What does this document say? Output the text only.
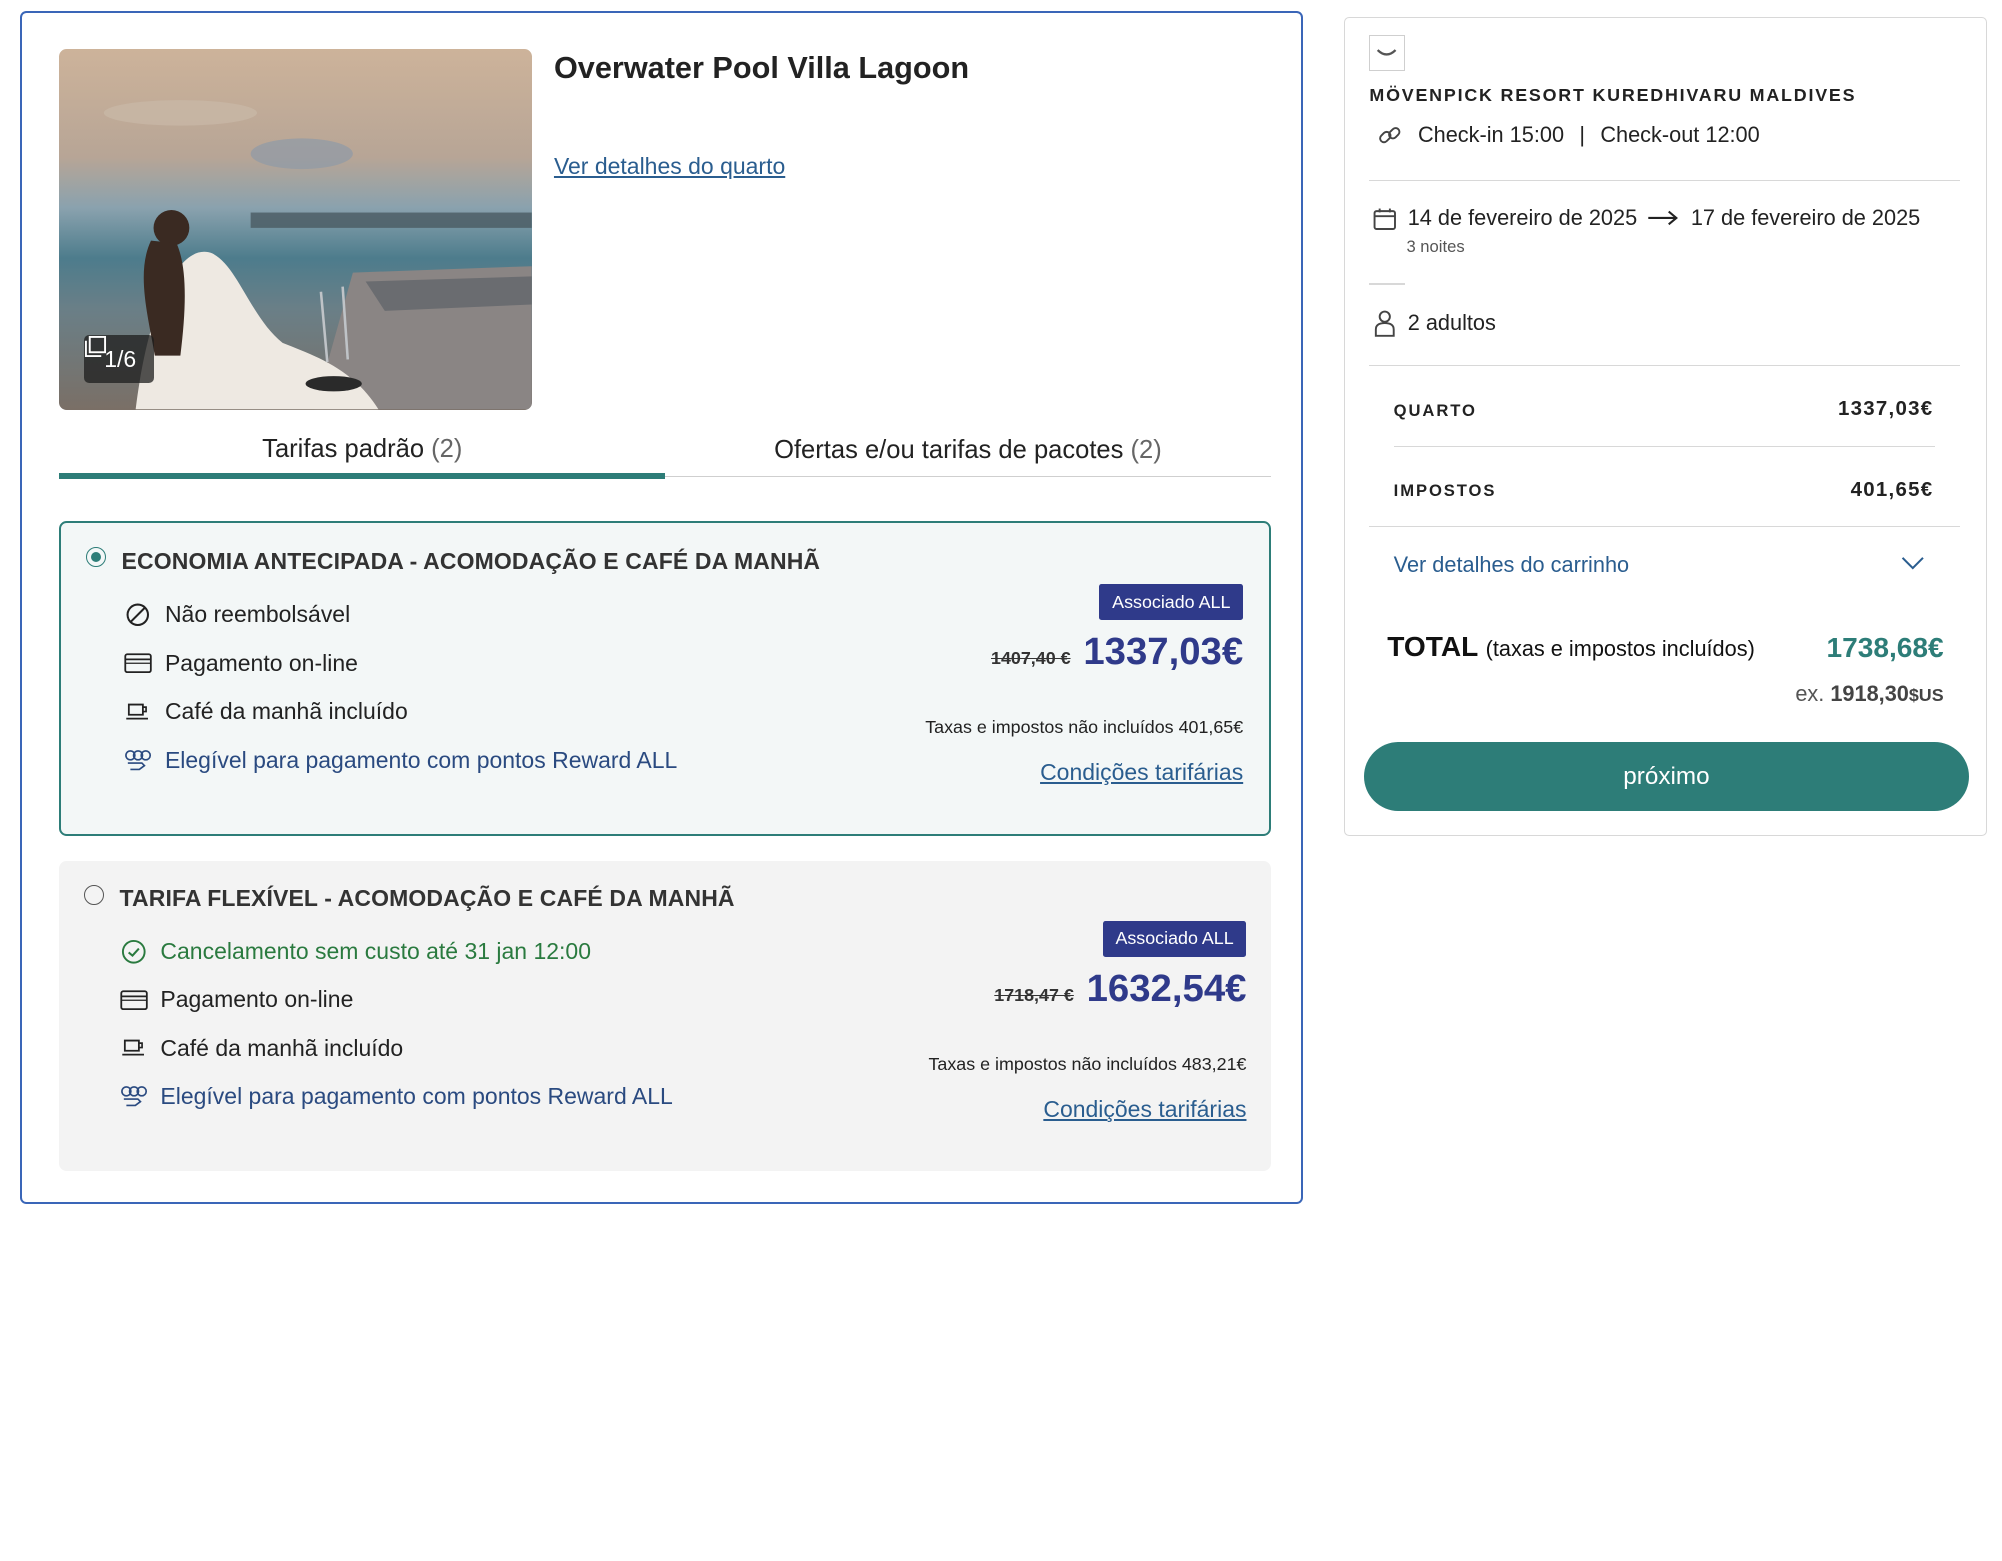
1/6
Overwater Pool Villa Lagoon
Ver detalhes do quarto
Tarifas padrão
(2)	Ofertas e/ou tarifas de pacotes
(2)
ECONOMIA ANTECIPADA - ACOMODAÇÃO E CAFÉ DA MANHÃ
Não reembolsável
Pagamento on-line
Café da manhã incluído
Elegível para pagamento com pontos Reward ALL
Associado ALL
1407,40 € 1337,03€
Taxas e impostos não incluídos 401,65€
Condições tarifárias
TARIFA FLEXÍVEL - ACOMODAÇÃO E CAFÉ DA MANHÃ
Cancelamento sem custo até 31 jan 12:00
Pagamento on-line
Café da manhã incluído
Elegível para pagamento com pontos Reward ALL
Associado ALL
1718,47 € 1632,54€
Taxas e impostos não incluídos 483,21€
Condições tarifárias
MÖVENPICK RESORT KUREDHIVARU MALDIVES
Check-in 15:00 | Check-out 12:00
14 de fevereiro de 2025	17 de fevereiro de 2025
3 noites
2 adultos
QUARTO	1337,03€
IMPOSTOS	401,65€
Ver detalhes do carrinho
TOTAL (taxas e impostos incluídos)	1738,68€
ex. 1918,30$US
próximo
